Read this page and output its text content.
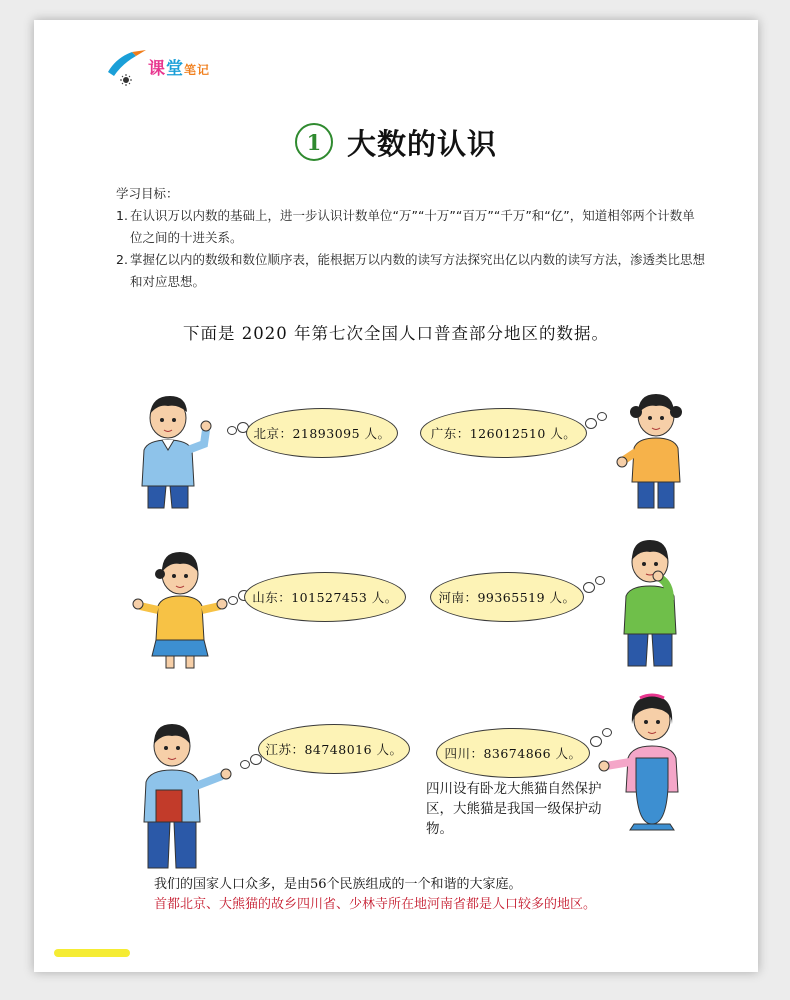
课堂笔记
1 大数的认识
学习目标：
1. 在认识万以内数的基础上，进一步认识计数单位“万”“十万”“百万”“千万”和“亿”，知道相邻两个计数单位之间的十进关系。
2. 掌握亿以内的数级和数位顺序表，能根据万以内数的读写方法探究出亿以内数的读写方法，渗透类比思想和对应思想。
下面是 2020 年第七次全国人口普查部分地区的数据。
北京：21893095 人。	广东：126012510 人。
山东：101527453 人。	河南：99365519 人。
江苏：84748016 人。	四川：83674866 人。
四川设有卧龙大熊猫自然保护区，大熊猫是我国一级保护动物。
我们的国家人口众多，是由56个民族组成的一个和谐的大家庭。
首都北京、大熊猫的故乡四川省、少林寺所在地河南省都是人口较多的地区。
